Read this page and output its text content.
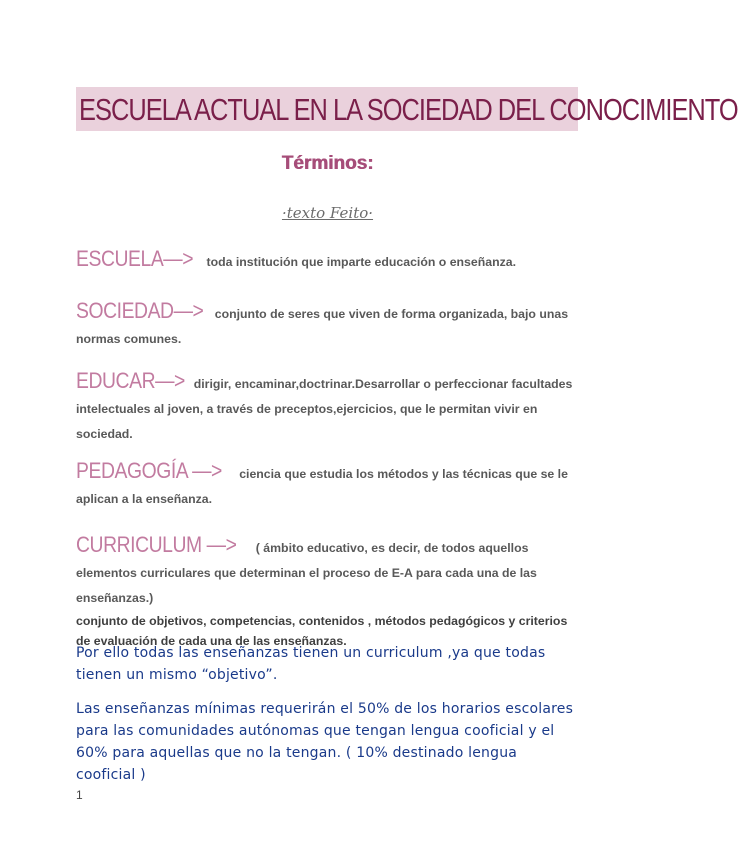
ESCUELA ACTUAL EN LA SOCIEDAD DEL CONOCIMIENTO
Términos:
·texto Feito·
ESCUELA—> toda institución que imparte educación o enseñanza.
SOCIEDAD—> conjunto de seres que viven de forma organizada, bajo unas normas comunes.
EDUCAR—> dirigir, encaminar,doctrinar.Desarrollar o perfeccionar facultades intelectuales al joven, a través de preceptos,ejercicios, que le permitan vivir en sociedad.
PEDAGOGÍA —> ciencia que estudia los métodos y las técnicas que se le aplican a la enseñanza.
CURRICULUM —> ( ámbito educativo, es decir, de todos aquellos elementos curriculares que determinan el proceso de E-A para cada una de las enseñanzas.)
conjunto de objetivos, competencias, contenidos , métodos pedagógicos y criterios de evaluación de cada una de las enseñanzas.
Por ello todas las enseñanzas tienen un curriculum ,ya que todas tienen un mismo “objetivo”.
Las enseñanzas mínimas requerirán el 50% de los horarios escolares para las comunidades autónomas que tengan lengua cooficial y el 60% para aquellas que no la tengan. ( 10% destinado lengua cooficial )
1
